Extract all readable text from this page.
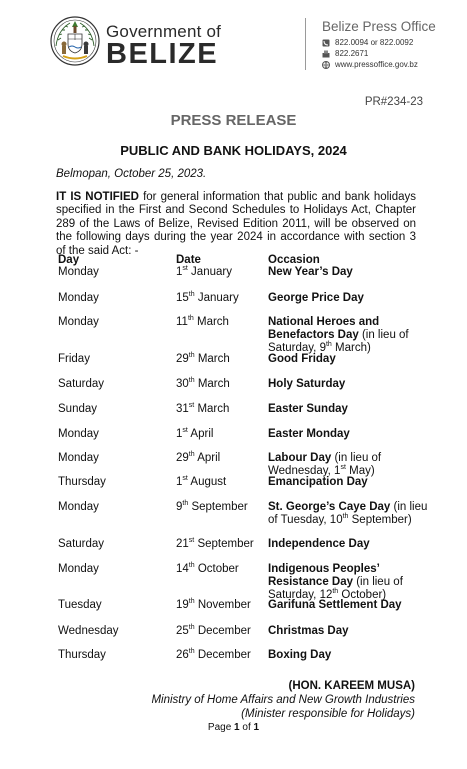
Government of
BELIZE
Belize Press Office
822.0094 or 822.0092
822.2671
www.pressoffice.gov.bz
PR#234-23
PRESS RELEASE
PUBLIC AND BANK HOLIDAYS, 2024
Belmopan, October 25, 2023.
IT IS NOTIFIED for general information that public and bank holidays specified in the First and Second Schedules to Holidays Act, Chapter 289 of the Laws of Belize, Revised Edition 2011, will be observed on the following days during the year 2024 in accordance with section 3 of the said Act: -
Day	Date	Occasion
Monday	1st January	New Year’s Day
Monday	15th January	George Price Day
Monday	11th March	National Heroes and Benefactors Day (in lieu of Saturday, 9th March)
Friday	29th March	Good Friday
Saturday	30th March	Holy Saturday
Sunday	31st March	Easter Sunday
Monday	1st April	Easter Monday
Monday	29th April	Labour Day (in lieu of Wednesday, 1st May)
Thursday	1st August	Emancipation Day
Monday	9th September St. George’s Caye Day (in lieu of Tuesday, 10th September)
Saturday	21st September Independence Day
Monday	14th October	Indigenous Peoples’ Resistance Day (in lieu of Saturday, 12th October)
Tuesday	19th November Garifuna Settlement Day
Wednesday	25th December Christmas Day
Thursday	26th December Boxing Day
(HON. KAREEM MUSA)
Ministry of Home Affairs and New Growth Industries
(Minister responsible for Holidays)
Page 1 of 1
